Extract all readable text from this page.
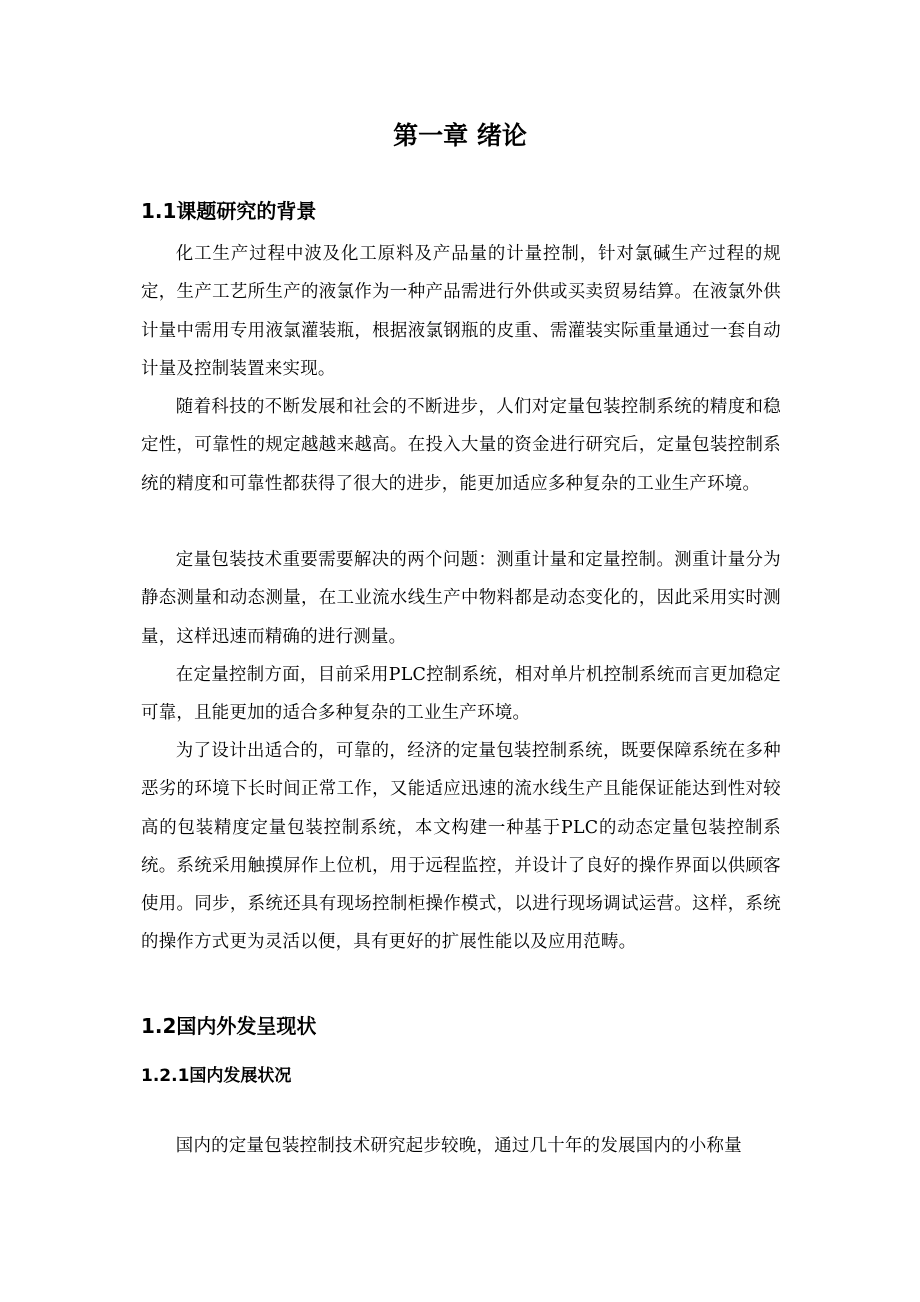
第一章 绪论
1.1课题研究的背景

化工生产过程中波及化工原料及产品量的计量控制，针对氯碱生产过程的规定，生产工艺所生产的液氯作为一种产品需进行外供或买卖贸易结算。在液氯外供计量中需用专用液氯灌装瓶，根据液氯钢瓶的皮重、需灌装实际重量通过一套自动计量及控制装置来实现。

随着科技的不断发展和社会的不断进步，人们对定量包装控制系统的精度和稳定性，可靠性的规定越越来越高。在投入大量的资金进行研究后，定量包装控制系统的精度和可靠性都获得了很大的进步，能更加适应多种复杂的工业生产环境。

定量包装技术重要需要解决的两个问题：测重计量和定量控制。测重计量分为静态测量和动态测量，在工业流水线生产中物料都是动态变化的，因此采用实时测量，这样迅速而精确的进行测量。

在定量控制方面，目前采用PLC控制系统，相对单片机控制系统而言更加稳定可靠，且能更加的适合多种复杂的工业生产环境。

为了设计出适合的，可靠的，经济的定量包装控制系统，既要保障系统在多种恶劣的环境下长时间正常工作，又能适应迅速的流水线生产且能保证能达到性对较高的包装精度定量包装控制系统，本文构建一种基于PLC的动态定量包装控制系统。系统采用触摸屏作上位机，用于远程监控，并设计了良好的操作界面以供顾客使用。同步，系统还具有现场控制柜操作模式，以进行现场调试运营。这样，系统的操作方式更为灵活以便，具有更好的扩展性能以及应用范畴。

1.2国内外发呈现状
1.2.1国内发展状况

国内的定量包装控制技术研究起步较晚，通过几十年的发展国内的小称量
